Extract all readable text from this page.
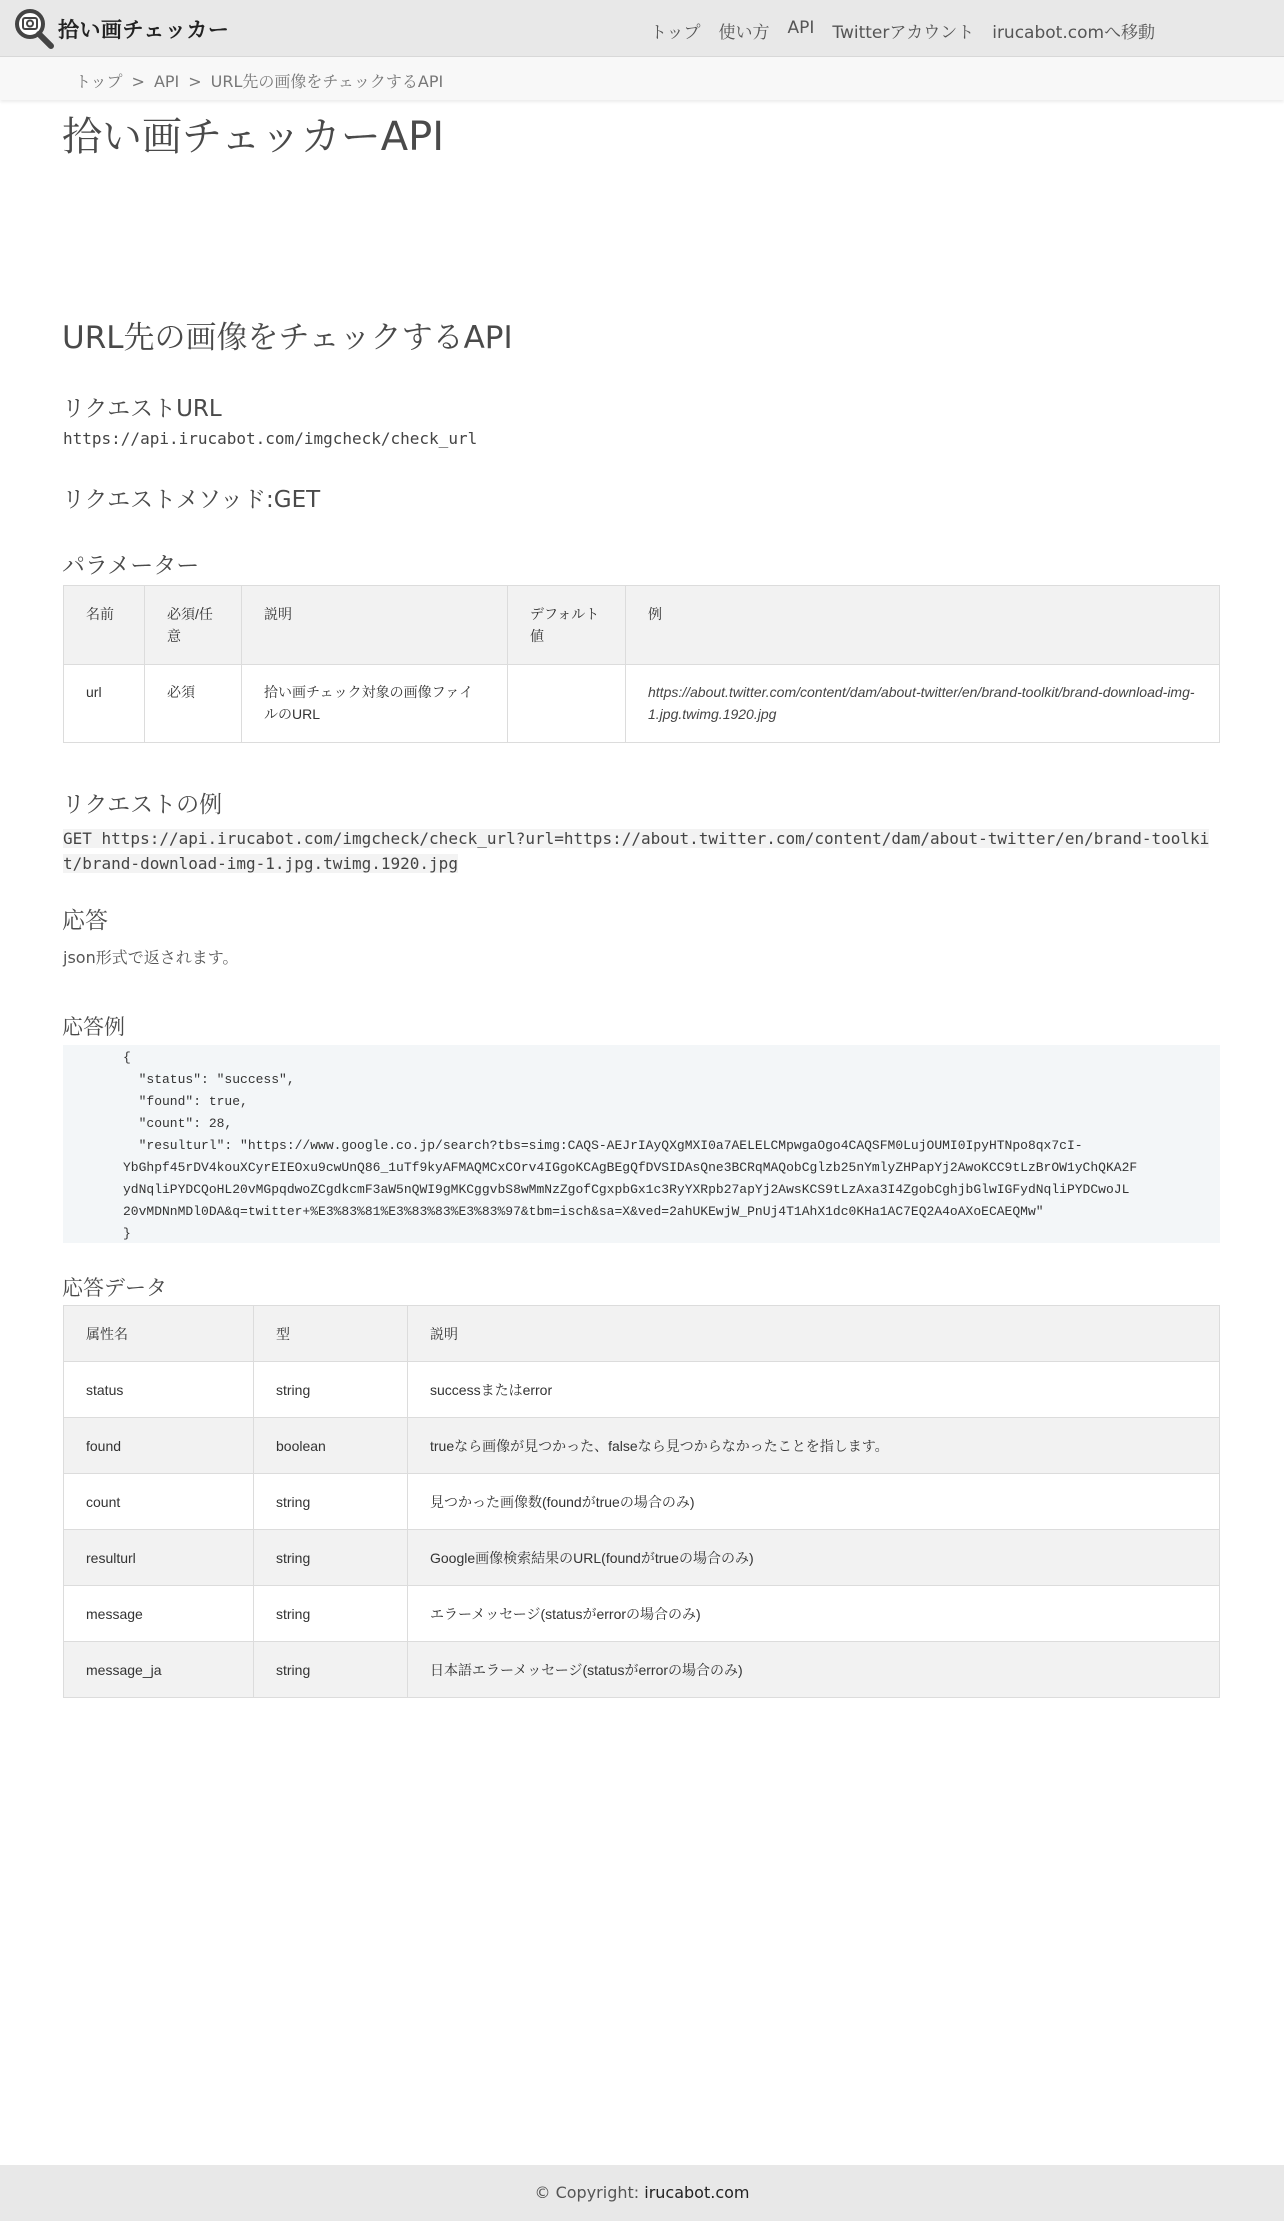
拾い画チェッカー	トップ 使い方 API Twitterアカウント irucabot.comへ移動
トップ > API > URL先の画像をチェックするAPI
拾い画チェッカーAPI
URL先の画像をチェックするAPI
リクエストURL
https://api.irucabot.com/imgcheck/check_url
リクエストメソッド:GET
パラメーター
名前	必須/任意	説明	デフォルト値	例
url	必須	拾い画チェック対象の画像ファイルのURL		https://about.twitter.com/content/dam/about-twitter/en/brand-toolkit/brand-download-img-1.jpg.twimg.1920.jpg
リクエストの例
GET https://api.irucabot.com/imgcheck/check_url?url=https://about.twitter.com/content/dam/about-twitter/en/brand-toolkit/brand-download-img-1.jpg.twimg.1920.jpg
応答
json形式で返されます。
応答例
{
"status": "success",
"found": true,
"count": 28,
"resulturl": "https://www.google.co.jp/search?tbs=simg:CAQS-AEJrIAyQXgMXI0a7AELELCMpwgaOgo4CAQSFM0LujOUMI0IpyHTNpo8qx7cI-
YbGhpf45rDV4kouXCyrEIEOxu9cwUnQ86_1uTf9kyAFMAQMCxCOrv4IGgoKCAgBEgQfDVSIDAsQne3BCRqMAQobCglzb25nYmlyZHPapYj2AwoKCC9tLzBrOW1yChQKA2F
ydNqliPYDCQoHL20vMGpqdwoZCgdkcmF3aW5nQWI9gMKCggvbS8wMmNzZgofCgxpbGx1c3RyYXRpb27apYj2AwsKCS9tLzAxa3I4ZgobCghjbGlwIGFydNqliPYDCwoJL
20vMDNnMDl0DA&q=twitter+%E3%83%81%E3%83%83%E3%83%97&tbm=isch&sa=X&ved=2ahUKEwjW_PnUj4T1AhX1dc0KHa1AC7EQ2A4oAXoECAEQMw"
}
応答データ
属性名	型	説明
status	string	successまたはerror
found	boolean	trueなら画像が見つかった、falseなら見つからなかったことを指します。
count	string	見つかった画像数(foundがtrueの場合のみ)
resulturl	string	Google画像検索結果のURL(foundがtrueの場合のみ)
message	string	エラーメッセージ(statusがerrorの場合のみ)
message_ja	string	日本語エラーメッセージ(statusがerrorの場合のみ)
© Copyright: irucabot.com
